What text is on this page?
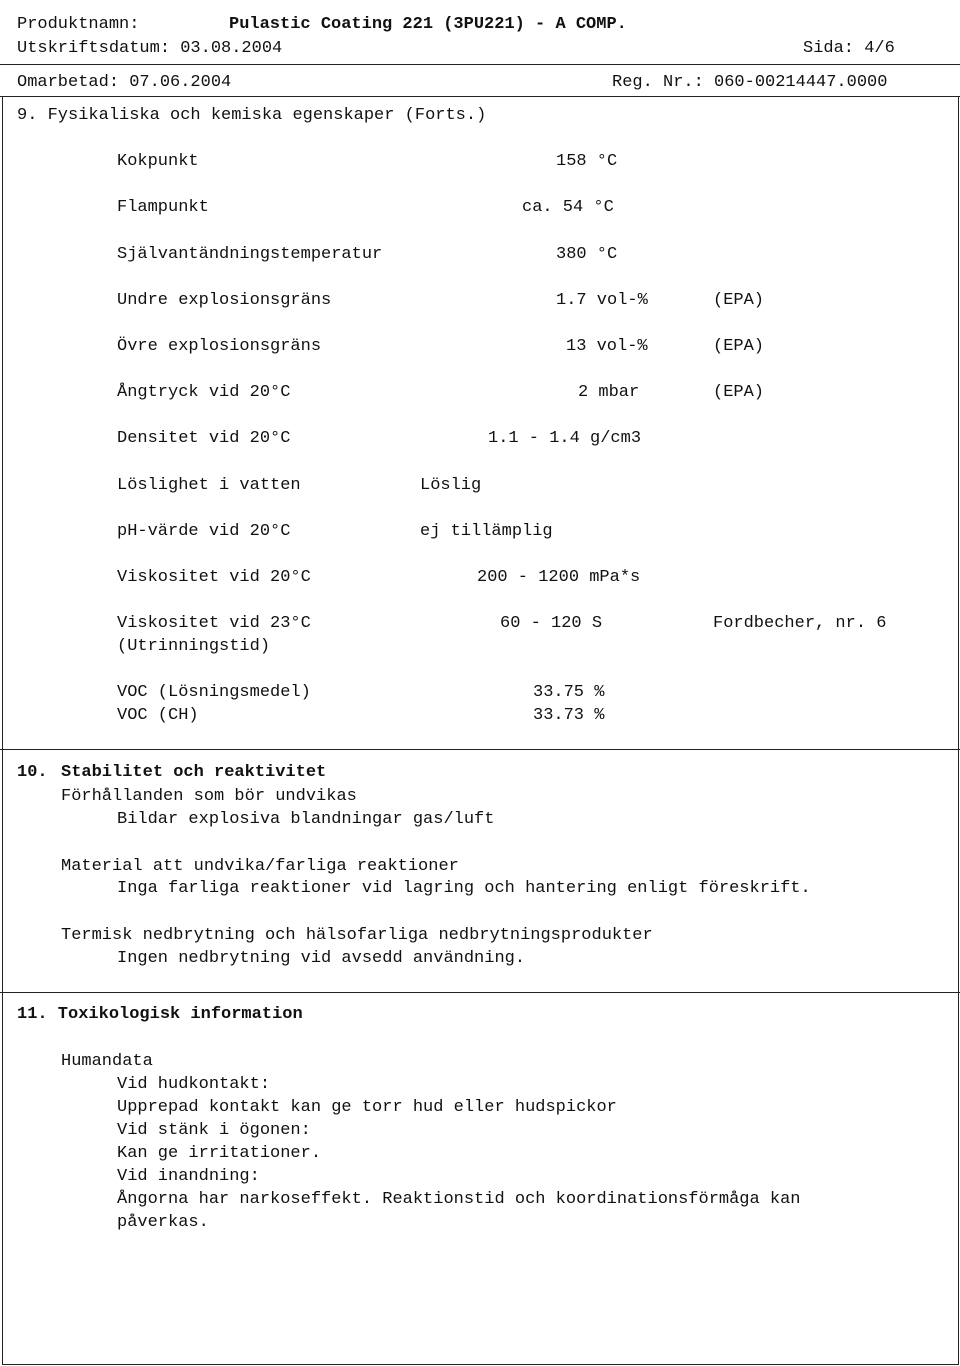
Produktnamn:	Pulastic Coating 221 (3PU221) - A COMP.
Utskriftsdatum: 03.08.2004	Sida: 4/6
Omarbetad: 07.06.2004	Reg. Nr.: 060-00214447.0000
9. Fysikaliska och kemiska egenskaper (Forts.)
Kokpunkt	158 °C
Flampunkt	ca. 54 °C
Självantändningstemperatur	380 °C
Undre explosionsgräns	1.7 vol-%	(EPA)
Övre explosionsgräns	13 vol-%	(EPA)
Ångtryck vid 20°C	2 mbar	(EPA)
Densitet vid 20°C	1.1 - 1.4 g/cm3
Löslighet i vatten	Löslig
pH-värde vid 20°C	ej tillämplig
Viskositet vid 20°C	200 - 1200 mPa*s
Viskositet vid 23°C	60 - 120 S	Fordbecher, nr. 6
(Utrinningstid)
VOC (Lösningsmedel)	33.75 %
VOC (CH)	33.73 %
10. Stabilitet och reaktivitet
Förhållanden som bör undvikas
Bildar explosiva blandningar gas/luft
Material att undvika/farliga reaktioner
Inga farliga reaktioner vid lagring och hantering enligt föreskrift.
Termisk nedbrytning och hälsofarliga nedbrytningsprodukter
Ingen nedbrytning vid avsedd användning.
11. Toxikologisk information
Humandata
Vid hudkontakt:
Upprepad kontakt kan ge torr hud eller hudspickor
Vid stänk i ögonen:
Kan ge irritationer.
Vid inandning:
Ångorna har narkoseffekt. Reaktionstid och koordinationsförmåga kan
påverkas.
